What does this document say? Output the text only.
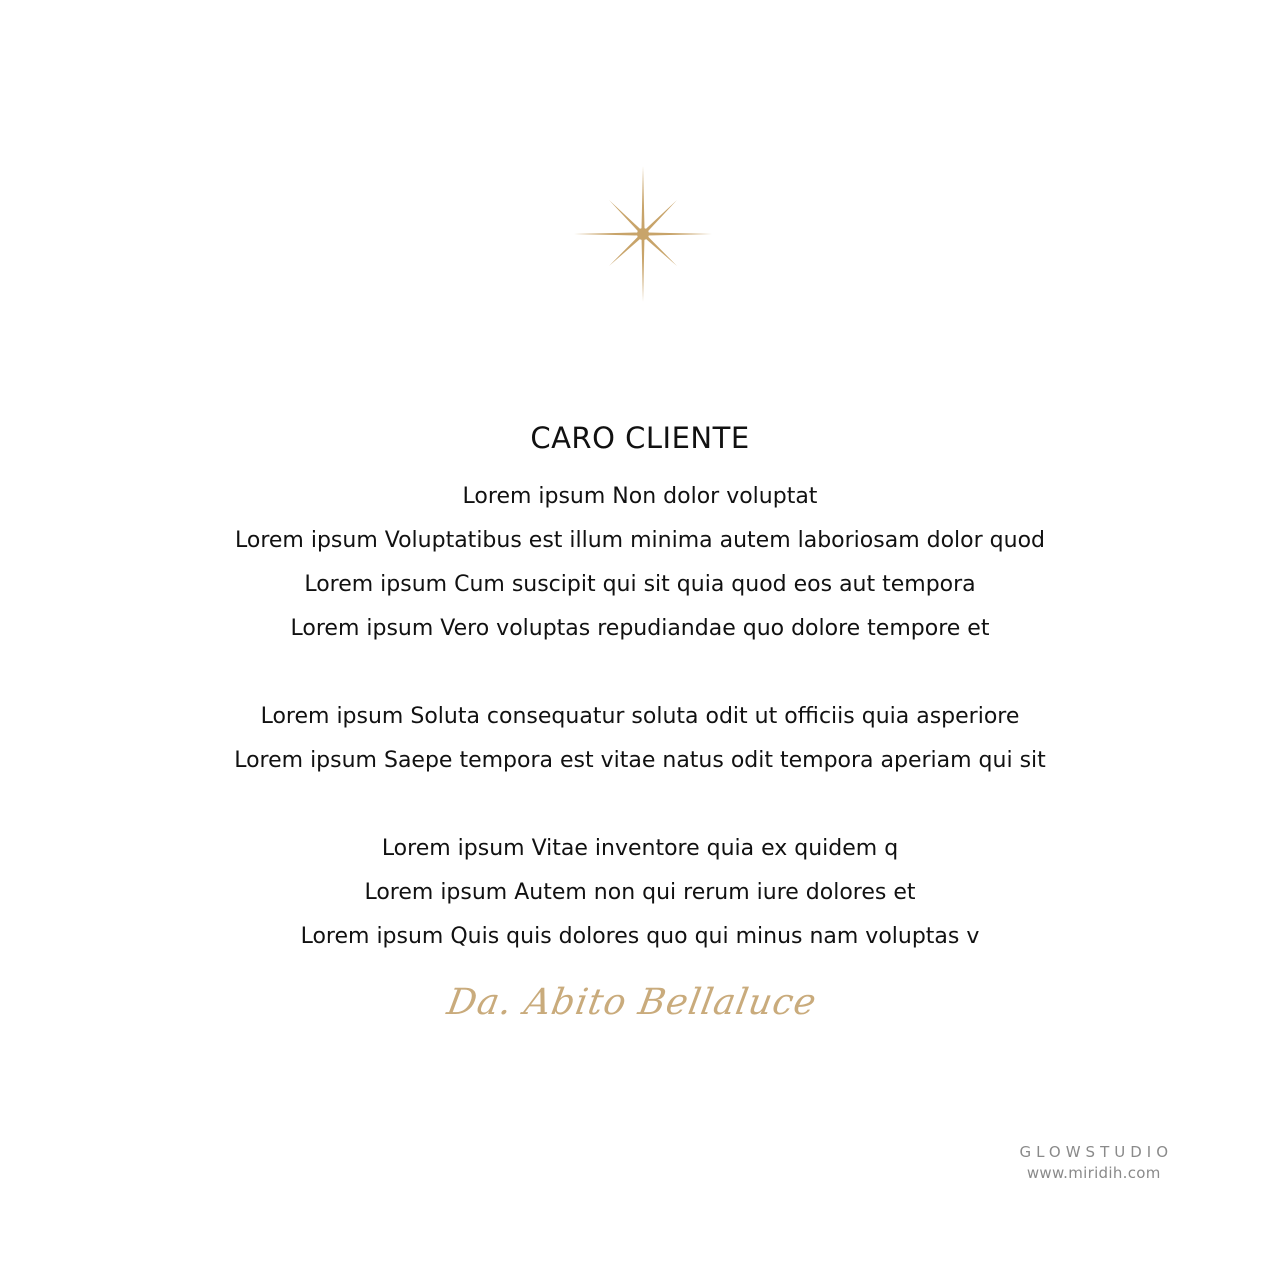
CARO CLIENTE
Lorem ipsum Non dolor voluptat
Lorem ipsum Voluptatibus est illum minima autem laboriosam dolor quod
Lorem ipsum Cum suscipit qui sit quia quod eos aut tempora
Lorem ipsum Vero voluptas repudiandae quo dolore tempore et
Lorem ipsum Soluta consequatur soluta odit ut officiis quia asperiore
Lorem ipsum Saepe tempora est vitae natus odit tempora aperiam qui sit
Lorem ipsum Vitae inventore quia ex quidem q
Lorem ipsum Autem non qui rerum iure dolores et
Lorem ipsum Quis quis dolores quo qui minus nam voluptas v
Da. Abito Bellaluce
GLOWSTUDIO
www.miridih.com
